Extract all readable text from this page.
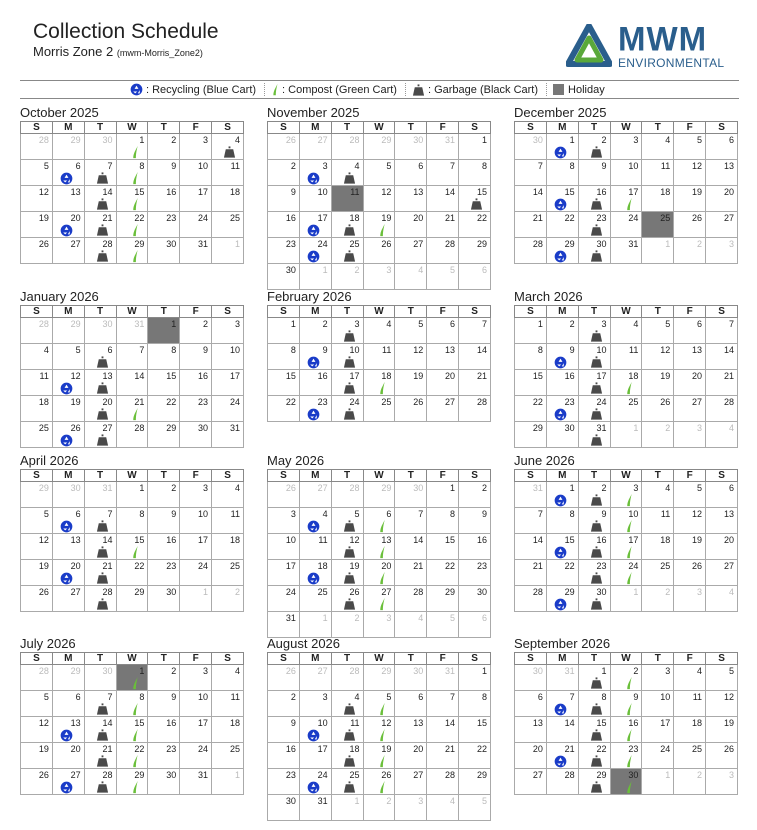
Collection Schedule
Morris Zone 2 (mwm-Morris_Zone2)	MWM
ENVIRONMENTAL
: Recycling (Blue Cart) : Compost (Green Cart)	: Garbage (Black Cart)	Holiday
October 2025
S	M	T	W	T	F	S

28	29	30	1	2	3	4

5	6	7	8	9	10	11

12	13	14	15	16	17	18

19	20	21	22	23	24	25

26	27	28	29	30	31	1
November 2025
S	M	T	W	T	F	S

26	27	28	29	30	31	1

2	3	4	5	6	7	8

9	10	11	12	13	14	15

16	17	18	19	20	21	22

23	24	25	26	27	28	29

30	1	2	3	4	5	6
December 2025
S	M	T	W	T	F	S

30	1	2	3	4	5	6

7	8	9	10	11	12	13

14	15	16	17	18	19	20

21	22	23	24	25	26	27

28	29	30	31	1	2	3
January 2026
S	M	T	W	T	F	S

28	29	30	31	1	2	3

4	5	6	7	8	9	10

11	12	13	14	15	16	17

18	19	20	21	22	23	24

25	26	27	28	29	30	31
February 2026
S	M	T	W	T	F	S

1	2	3	4	5	6	7

8	9	10	11	12	13	14

15	16	17	18	19	20	21

22	23	24	25	26	27	28
March 2026
S	M	T	W	T	F	S

1	2	3	4	5	6	7

8	9	10	11	12	13	14

15	16	17	18	19	20	21

22	23	24	25	26	27	28

29	30	31	1	2	3	4
April 2026
S	M	T	W	T	F	S

29	30	31	1	2	3	4

5	6	7	8	9	10	11

12	13	14	15	16	17	18

19	20	21	22	23	24	25

26	27	28	29	30	1	2
May 2026
S	M	T	W	T	F	S

26	27	28	29	30	1	2

3	4	5	6	7	8	9

10	11	12	13	14	15	16

17	18	19	20	21	22	23

24	25	26	27	28	29	30

31	1	2	3	4	5	6
June 2026
S	M	T	W	T	F	S

31	1	2	3	4	5	6

7	8	9	10	11	12	13

14	15	16	17	18	19	20

21	22	23	24	25	26	27

28	29	30	1	2	3	4
July 2026
S	M	T	W	T	F	S

28	29	30	1	2	3	4

5	6	7	8	9	10	11

12	13	14	15	16	17	18

19	20	21	22	23	24	25

26	27	28	29	30	31	1
August 2026
S	M	T	W	T	F	S

26	27	28	29	30	31	1

2	3	4	5	6	7	8

9	10	11	12	13	14	15

16	17	18	19	20	21	22

23	24	25	26	27	28	29

30	31	1	2	3	4	5
September 2026
S	M	T	W	T	F	S

30	31	1	2	3	4	5

6	7	8	9	10	11	12

13	14	15	16	17	18	19

20	21	22	23	24	25	26

27	28	29	30	1	2	3
